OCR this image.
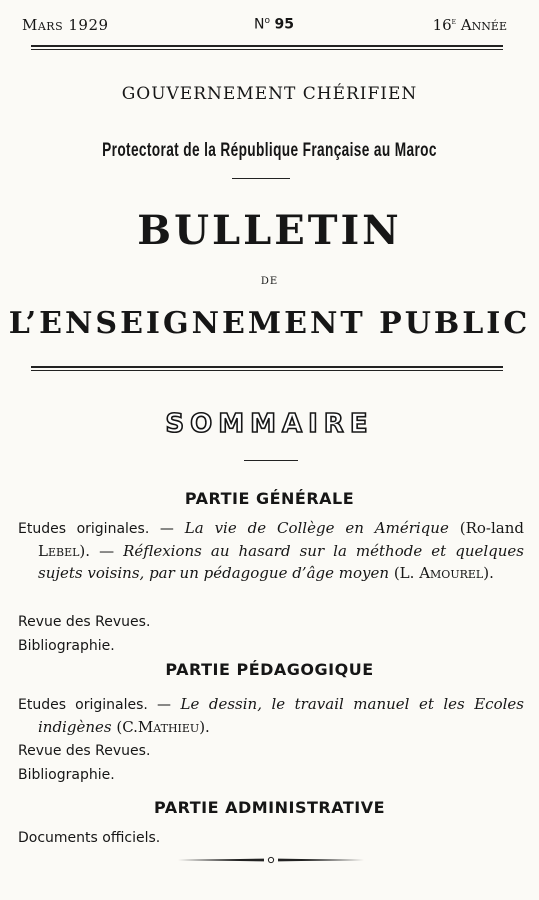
Mars 1929	$N^o$ 95	16e Année
GOUVERNEMENT CHÉRIFIEN
Protectorat de la République Française au Maroc
BULLETIN
DE
L’ENSEIGNEMENT PUBLIC
SOMMAIRE
PARTIE GÉNÉRALE
Etudes originales. — La vie de Collège en Amérique (Ro-land Lebel). — Réflexions au hasard sur la méthode et quelques sujets voisins, par un pédagogue d’âge moyen (L. Amourel).
Revue des Revues.
Bibliographie.
PARTIE PÉDAGOGIQUE
Etudes originales. — Le dessin, le travail manuel et les Ecoles indigènes (C.Mathieu).
Revue des Revues.
Bibliographie.
PARTIE ADMINISTRATIVE
Documents officiels.
